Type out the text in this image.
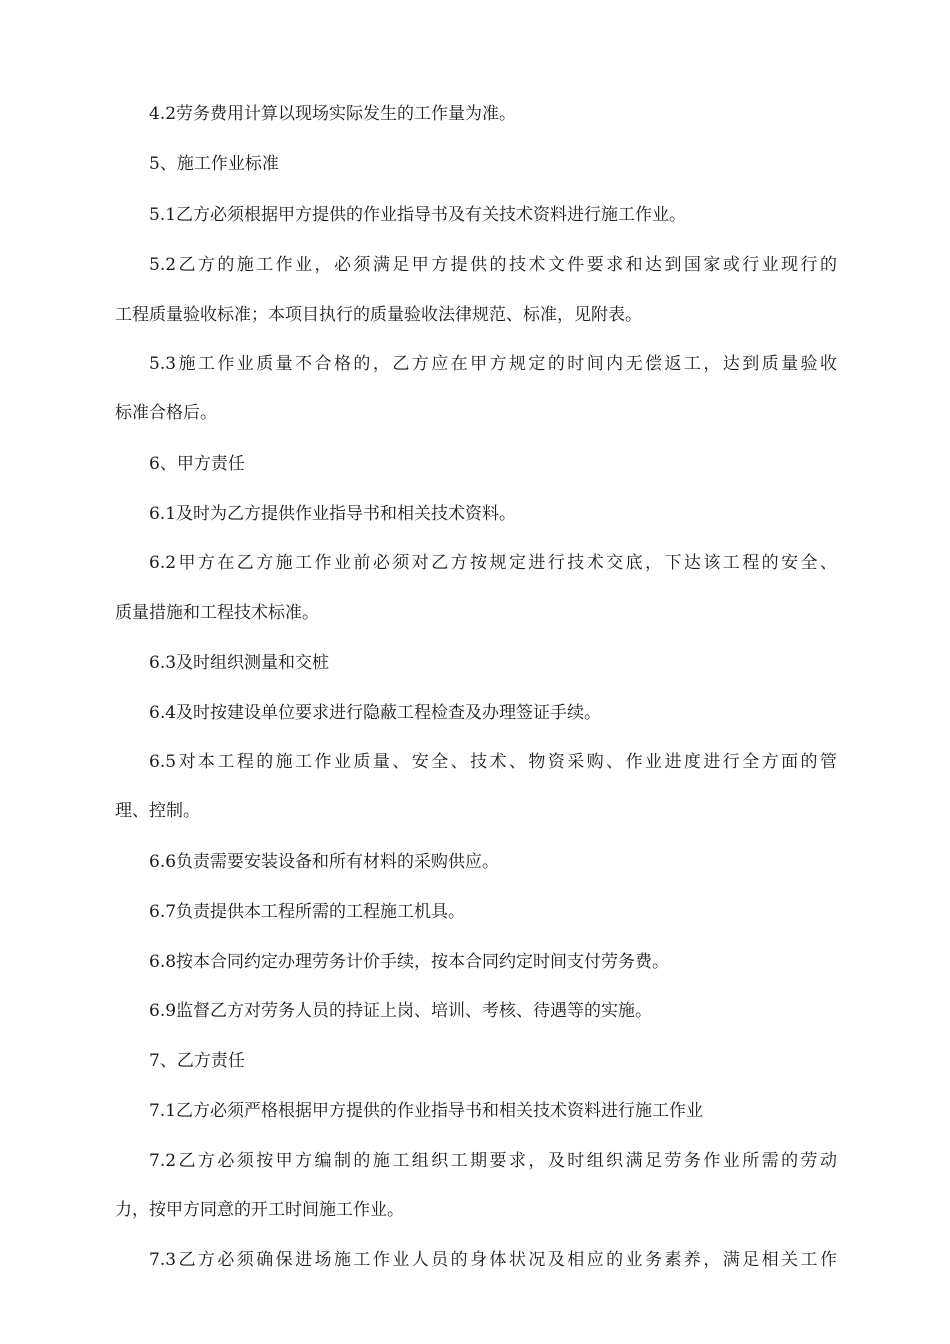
4.2劳务费用计算以现场实际发生的工作量为准。
5、施工作业标准
5.1乙方必须根据甲方提供的作业指导书及有关技术资料进行施工作业。
5.2乙方的施工作业，必须满足甲方提供的技术文件要求和达到国家或行业现行的
工程质量验收标准；本项目执行的质量验收法律规范、标准，见附表。
5.3施工作业质量不合格的，乙方应在甲方规定的时间内无偿返工，达到质量验收
标准合格后。
6、甲方责任
6.1及时为乙方提供作业指导书和相关技术资料。
6.2甲方在乙方施工作业前必须对乙方按规定进行技术交底，下达该工程的安全、
质量措施和工程技术标准。
6.3及时组织测量和交桩
6.4及时按建设单位要求进行隐蔽工程检查及办理签证手续。
6.5对本工程的施工作业质量、安全、技术、物资采购、作业进度进行全方面的管
理、控制。
6.6负责需要安装设备和所有材料的采购供应。
6.7负责提供本工程所需的工程施工机具。
6.8按本合同约定办理劳务计价手续，按本合同约定时间支付劳务费。
6.9监督乙方对劳务人员的持证上岗、培训、考核、待遇等的实施。
7、乙方责任
7.1乙方必须严格根据甲方提供的作业指导书和相关技术资料进行施工作业
7.2乙方必须按甲方编制的施工组织工期要求，及时组织满足劳务作业所需的劳动
力，按甲方同意的开工时间施工作业。
7.3乙方必须确保进场施工作业人员的身体状况及相应的业务素养，满足相关工作
